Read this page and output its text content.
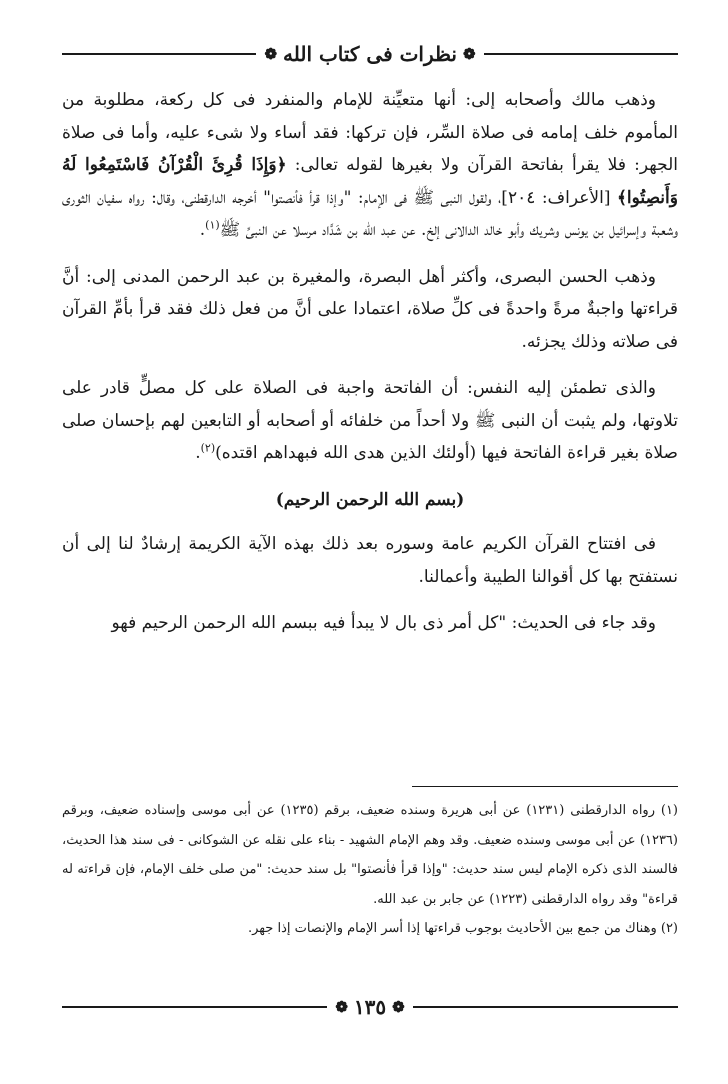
❁ نظرات فى كتاب الله ❁

وذهب مالك وأصحابه إلى: أنها متعيِّنة للإمام والمنفرد فى كل ركعة، مطلوبة من المأموم خلف إمامه فى صلاة السِّر، فإن تركها: فقد أساء ولا شىء عليه، وأما فى صلاة الجهر: فلا يقرأ بفاتحة القرآن ولا بغيرها لقوله تعالى: ﴿وَإِذَا قُرِئَ الْقُرْآنُ فَاسْتَمِعُوا لَهُ وَأَنصِتُوا﴾ [الأعراف: ٢٠٤]، ولقول النبى ﷺ فى الإمام: "وإذا قرأ فأنصتوا" أخرجه الدارقطنى، وقال: رواه سفيان الثورى وشعبة وإسرائيل بن يونس وشريك وأبو خالد الدالانى إلخ. عن عبد الله بن شَدَّاد مرسلا عن النبىِّ ﷺ$^{(١)}$.

وذهب الحسن البصرى، وأكثر أهل البصرة، والمغيرة بن عبد الرحمن المدنى إلى: أنَّ قراءتها واجبةٌ مرةً واحدةً فى كلِّ صلاة، اعتمادا على أنَّ من فعل ذلك فقد قرأ بأمِّ القرآن فى صلاته وذلك يجزئه.

والذى تطمئن إليه النفس: أن الفاتحة واجبة فى الصلاة على كل مصلٍّ قادر على تلاوتها، ولم يثبت أن النبى ﷺ ولا أحداً من خلفائه أو أصحابه أو التابعين لهم بإحسان صلى صلاة بغير قراءة الفاتحة فيها (أولئك الذين هدى الله فبهداهم اقتده)$^{(٢)}$.

(بسم الله الرحمن الرحيم)

فى افتتاح القرآن الكريم عامة وسوره بعد ذلك بهذه الآية الكريمة إرشادٌ لنا إلى أن نستفتح بها كل أقوالنا الطيبة وأعمالنا.

وقد جاء فى الحديث: "كل أمر ذى بال لا يبدأ فيه ببسم الله الرحمن الرحيم فهو

(١) رواه الدارقطنى (١٢٣١) عن أبى هريرة وسنده ضعيف، برقم (١٢٣٥) عن أبى موسى وإسناده ضعيف، وبرقم (١٢٣٦) عن أبى موسى وسنده ضعيف. وقد وهم الإمام الشهيد - بناء على نقله عن الشوكانى - فى سند هذا الحديث، فالسند الذى ذكره الإمام ليس سند حديث: "وإذا قرأ فأنصتوا" بل سند حديث: "من صلى خلف الإمام، فإن قراءته له قراءة" وقد رواه الدارقطنى (١٢٢٣) عن جابر بن عبد الله.

(٢) وهناك من جمع بين الأحاديث بوجوب قراءتها إذا أسر الإمام والإنصات إذا جهر.

❁ ١٣٥ ❁
